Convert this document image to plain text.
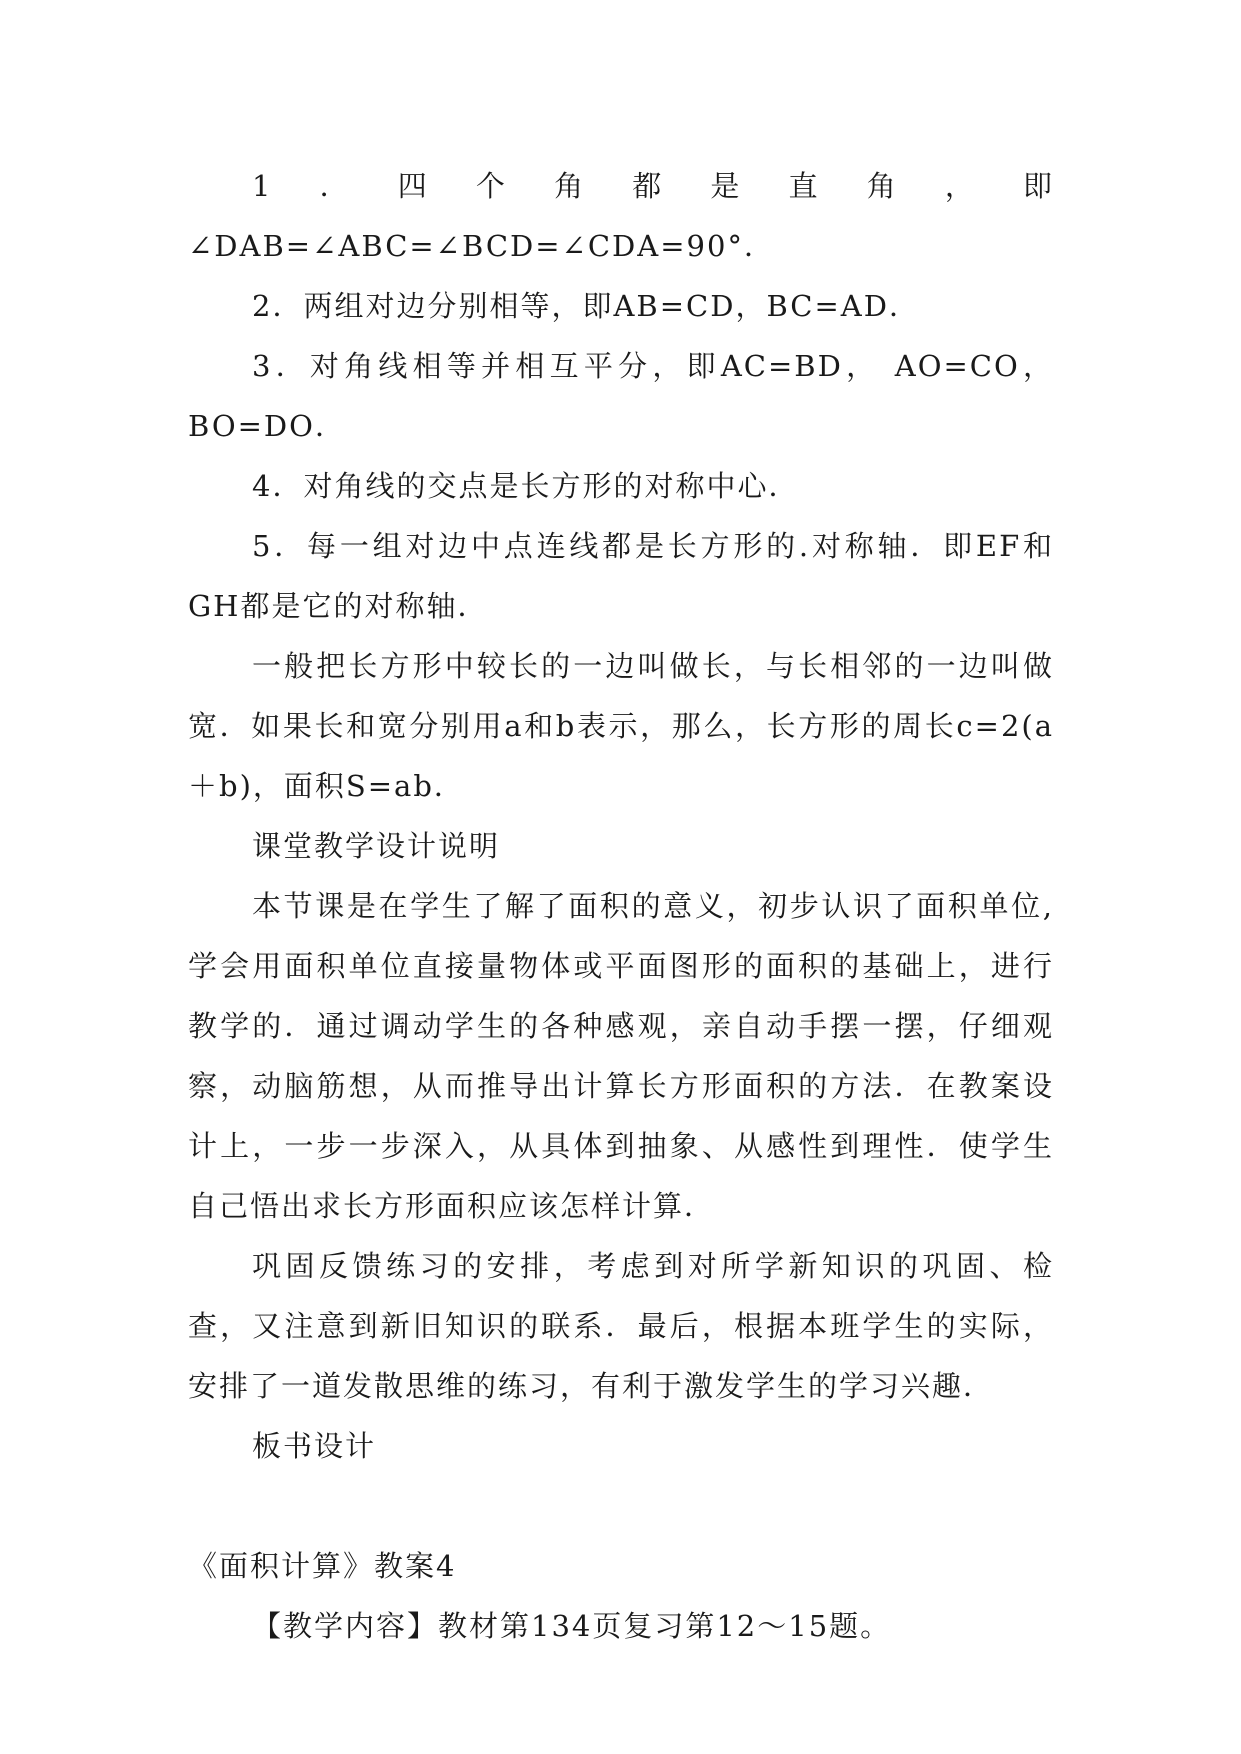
1．四个角都是直角，即∠DAB=∠ABC=∠BCD=∠CDA=90°．

2．两组对边分别相等，即AB=CD，BC=AD．

3．对角线相等并相互平分，即AC=BD， AO=CO，BO=DO．

4．对角线的交点是长方形的对称中心．

5．每一组对边中点连线都是长方形的.对称轴．即EF和GH都是它的对称轴．

一般把长方形中较长的一边叫做长，与长相邻的一边叫做宽．如果长和宽分别用a和b表示，那么，长方形的周长c=2(a＋b)，面积S=ab．

课堂教学设计说明

本节课是在学生了解了面积的意义，初步认识了面积单位,学会用面积单位直接量物体或平面图形的面积的基础上，进行教学的．通过调动学生的各种感观，亲自动手摆一摆，仔细观察，动脑筋想，从而推导出计算长方形面积的方法．在教案设计上，一步一步深入，从具体到抽象、从感性到理性．使学生自己悟出求长方形面积应该怎样计算．

巩固反馈练习的安排，考虑到对所学新知识的巩固、检查，又注意到新旧知识的联系．最后，根据本班学生的实际，安排了一道发散思维的练习，有利于激发学生的学习兴趣．

板书设计

《面积计算》教案4

【教学内容】教材第134页复习第12～15题。
